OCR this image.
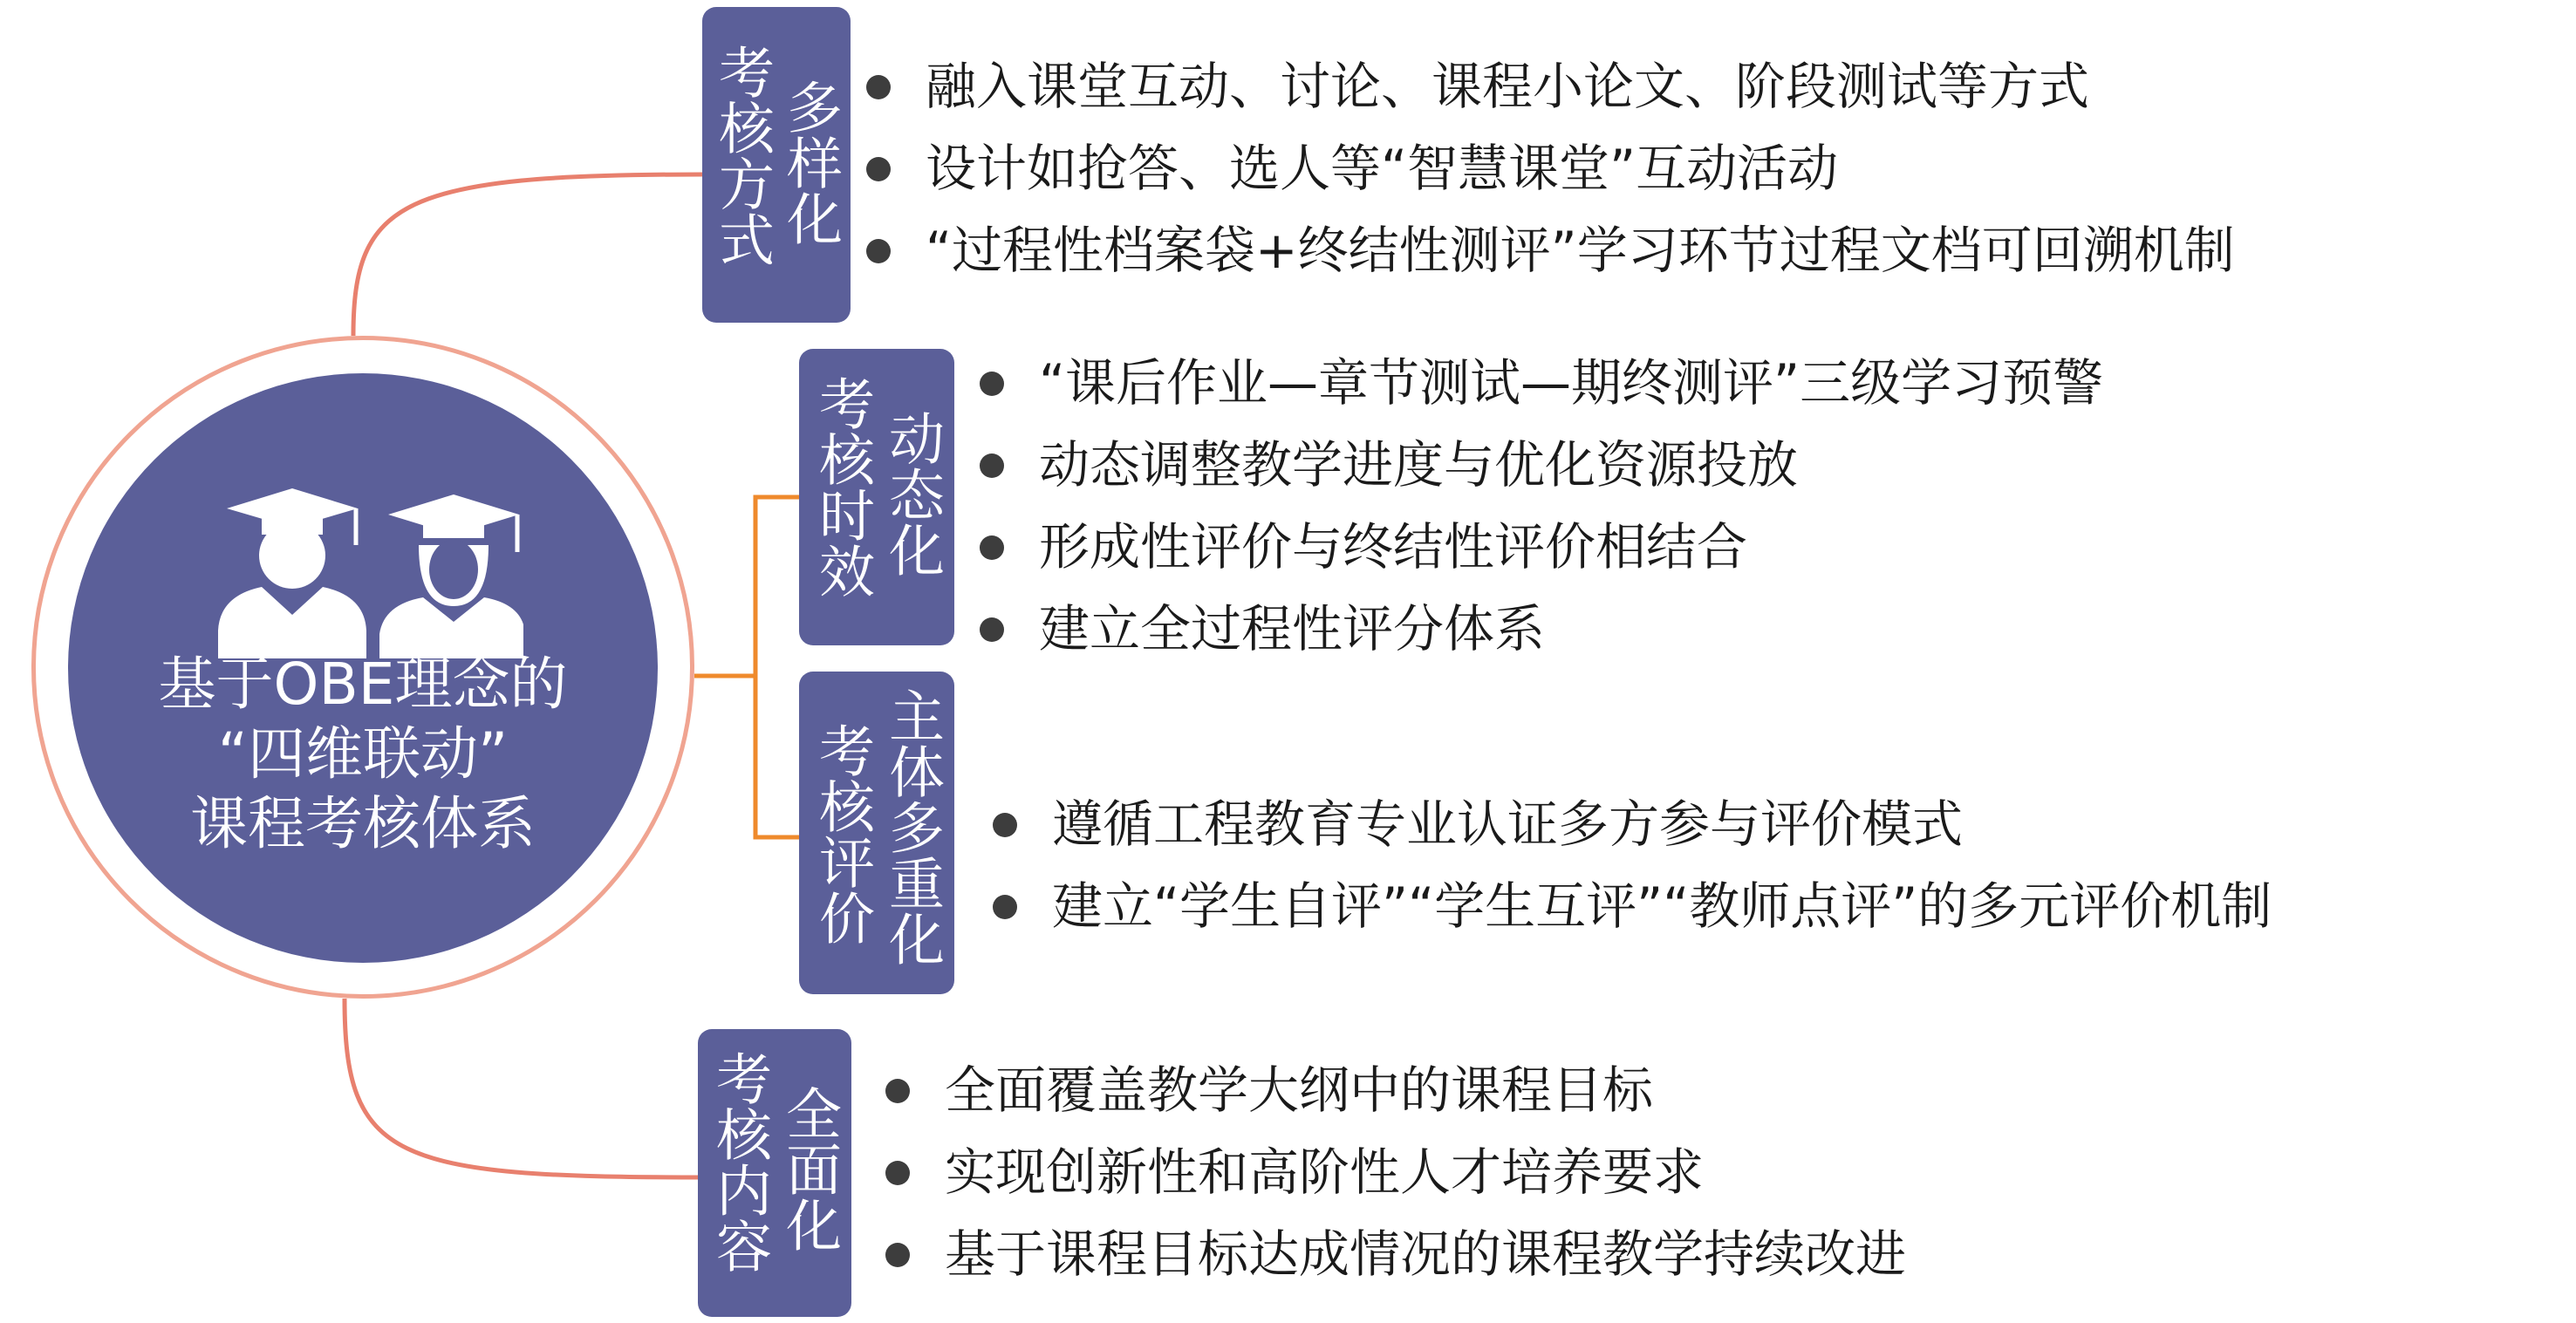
基于OBE理念的
“四维联动”
课程考核体系
考核方式 多样化	融入课堂互动、讨论、课程小论文、阶段测试等方式
设计如抢答、选人等“智慧课堂”互动活动
“过程性档案袋+终结性测评”学习环节过程文档可回溯机制
考核时效 动态化
“课后作业—章节测试—期终测评”三级学习预警
动态调整教学进度与优化资源投放
形成性评价与终结性评价相结合
建立全过程性评分体系
考核评价 主体多重化	遵循工程教育专业认证多方参与评价模式
建立“学生自评”“学生互评”“教师点评”的多元评价机制
考核内容 全面化	全面覆盖教学大纲中的课程目标
实现创新性和高阶性人才培养要求
基于课程目标达成情况的课程教学持续改进
